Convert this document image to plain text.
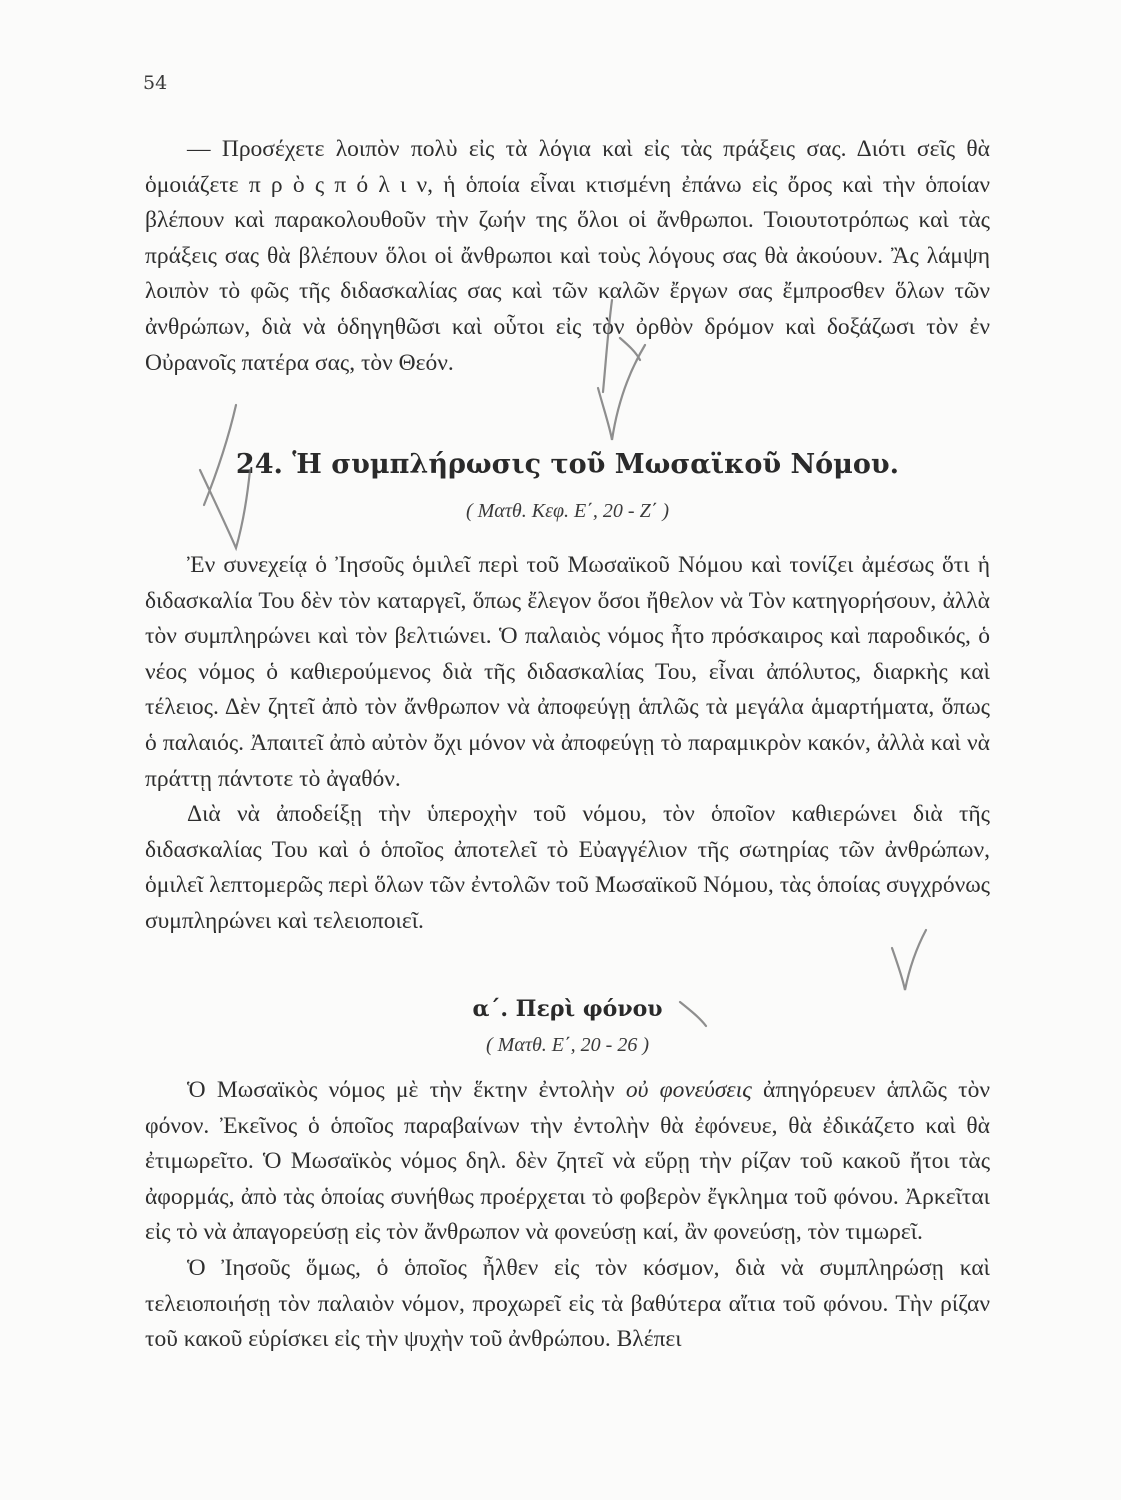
54

— Προσέχετε λοιπὸν πολὺ εἰς τὰ λόγια καὶ εἰς τὰς πράξεις σας. Διότι σεῖς θὰ ὁμοιάζετε π ρ ὸ ς π ό λ ι ν, ἡ ὁποία εἶναι κτισμένη ἐπάνω εἰς ὄρος καὶ τὴν ὁποίαν βλέπουν καὶ παρακολουθοῦν τὴν ζωήν της ὅλοι οἱ ἄνθρωποι. Τοιουτοτρόπως καὶ τὰς πράξεις σας θὰ βλέπουν ὅλοι οἱ ἄνθρωποι καὶ τοὺς λόγους σας θὰ ἀκούουν. Ἂς λάμψη λοιπὸν τὸ φῶς τῆς διδασκαλίας σας καὶ τῶν καλῶν ἔργων σας ἔμπροσθεν ὅλων τῶν ἀνθρώπων, διὰ νὰ ὁδηγηθῶσι καὶ οὗτοι εἰς τὸν ὀρθὸν δρόμον καὶ δοξάζωσι τὸν ἐν Οὐρανοῖς πατέρα σας, τὸν Θεόν.

24. Ἡ συμπλήρωσις τοῦ Μωσαϊκοῦ Νόμου.
( Ματθ. Κεφ. Ε΄, 20 - Ζ΄ )

Ἐν συνεχείᾳ ὁ Ἰησοῦς ὁμιλεῖ περὶ τοῦ Μωσαϊκοῦ Νόμου καὶ τονίζει ἀμέσως ὅτι ἡ διδασκαλία Του δὲν τὸν καταργεῖ, ὅπως ἔλεγον ὅσοι ἤθελον νὰ Τὸν κατηγορήσουν, ἀλλὰ τὸν συμπληρώνει καὶ τὸν βελτιώνει. Ὁ παλαιὸς νόμος ἦτο πρόσκαιρος καὶ παροδικός, ὁ νέος νόμος ὁ καθιερούμενος διὰ τῆς διδασκαλίας Του, εἶναι ἀπόλυτος, διαρκὴς καὶ τέλειος. Δὲν ζητεῖ ἀπὸ τὸν ἄνθρωπον νὰ ἀποφεύγῃ ἁπλῶς τὰ μεγάλα ἁμαρτήματα, ὅπως ὁ παλαιός. Ἀπαιτεῖ ἀπὸ αὐτὸν ὄχι μόνον νὰ ἀποφεύγῃ τὸ παραμικρὸν κακόν, ἀλλὰ καὶ νὰ πράττῃ πάντοτε τὸ ἀγαθόν.

Διὰ νὰ ἀποδείξῃ τὴν ὑπεροχὴν τοῦ νόμου, τὸν ὁποῖον καθιερώνει διὰ τῆς διδασκαλίας Του καὶ ὁ ὁποῖος ἀποτελεῖ τὸ Εὐαγγέλιον τῆς σωτηρίας τῶν ἀνθρώπων, ὁμιλεῖ λεπτομερῶς περὶ ὅλων τῶν ἐντολῶν τοῦ Μωσαϊκοῦ Νόμου, τὰς ὁποίας συγχρόνως συμπληρώνει καὶ τελειοποιεῖ.

α΄. Περὶ φόνου
( Ματθ. Ε΄, 20 - 26 )

Ὁ Μωσαϊκὸς νόμος μὲ τὴν ἕκτην ἐντολὴν οὐ φονεύσεις ἀπηγόρευεν ἁπλῶς τὸν φόνον. Ἐκεῖνος ὁ ὁποῖος παραβαίνων τὴν ἐντολὴν θὰ ἐφόνευε, θὰ ἐδικάζετο καὶ θὰ ἐτιμωρεῖτο. Ὁ Μωσαϊκὸς νόμος δηλ. δὲν ζητεῖ νὰ εὕρῃ τὴν ρίζαν τοῦ κακοῦ ἤτοι τὰς ἀφορμάς, ἀπὸ τὰς ὁποίας συνήθως προέρχεται τὸ φοβερὸν ἔγκλημα τοῦ φόνου. Ἀρκεῖται εἰς τὸ νὰ ἀπαγορεύσῃ εἰς τὸν ἄνθρωπον νὰ φονεύσῃ καί, ἂν φονεύσῃ, τὸν τιμωρεῖ.

Ὁ Ἰησοῦς ὅμως, ὁ ὁποῖος ἦλθεν εἰς τὸν κόσμον, διὰ νὰ συμπληρώσῃ καὶ τελειοποιήσῃ τὸν παλαιὸν νόμον, προχωρεῖ εἰς τὰ βαθύτερα αἴτια τοῦ φόνου. Τὴν ρίζαν τοῦ κακοῦ εὑρίσκει εἰς τὴν ψυχὴν τοῦ ἀνθρώπου. Βλέπει
